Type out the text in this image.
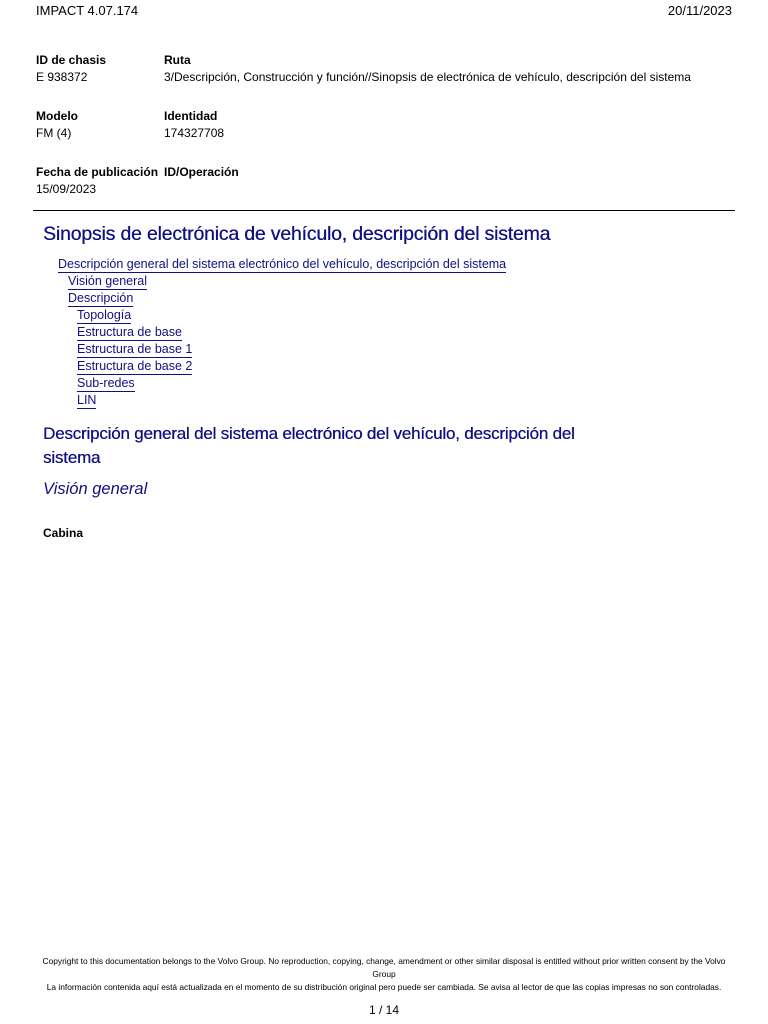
IMPACT 4.07.174	20/11/2023
ID de chasis
E 938372
Ruta
3/Descripción, Construcción y función//Sinopsis de electrónica de vehículo, descripción del sistema
Modelo
FM (4)
Identidad
174327708
Fecha de publicación
15/09/2023
ID/Operación
Sinopsis de electrónica de vehículo, descripción del sistema
Descripción general del sistema electrónico del vehículo, descripción del sistema
Visión general
Descripción
Topología
Estructura de base
Estructura de base 1
Estructura de base 2
Sub-redes
LIN
Descripción general del sistema electrónico del vehículo, descripción del sistema
Visión general
Cabina
Copyright to this documentation belongs to the Volvo Group. No reproduction, copying, change, amendment or other similar disposal is entitled without prior written consent by the Volvo Group
La información contenida aquí está actualizada en el momento de su distribución original pero puede ser cambiada. Se avisa al lector de que las copias impresas no son controladas.
1 / 14
